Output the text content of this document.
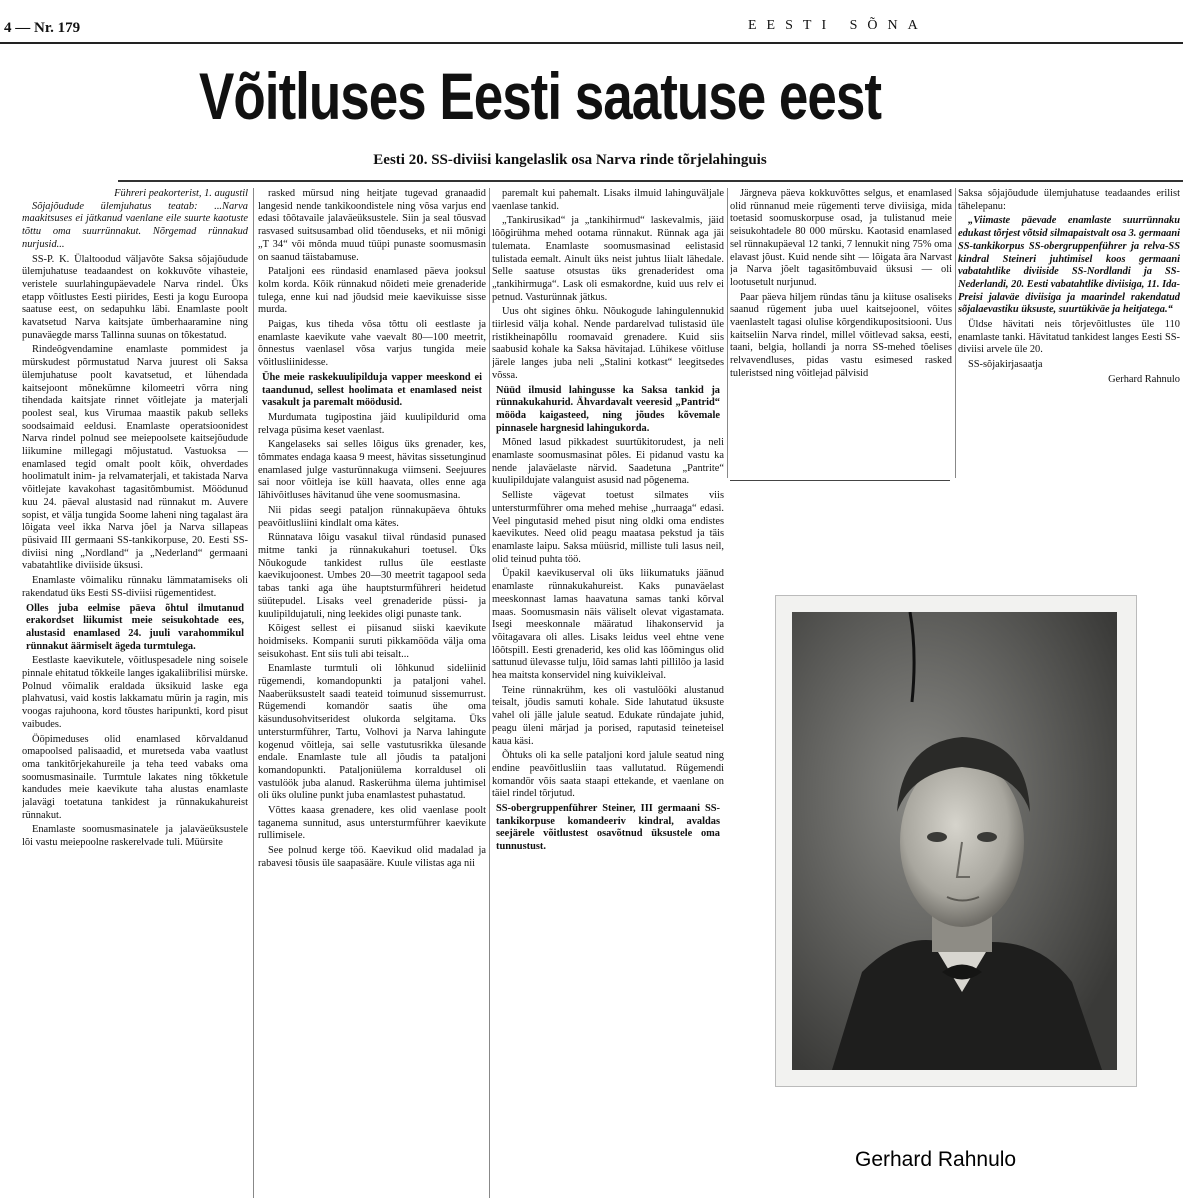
4 — Nr. 179	EESTI SÕNA
Võitluses Eesti saatuse eest
Eesti 20. SS-diviisi kangelaslik osa Narva rinde tõrjelahinguis
Führeri peakorterist, 1. augustil

Sõjajõudude ülemjuhatus teatab: ...Narva maakitsuses ei jätkanud vaenlane eile suurte kaotuste tõttu oma suurrünnakut. Nõrgemad rünnakud nurjusid...

SS-P. K. Ülaltoodud väljavõte Saksa sõjajõudude ülemjuhatuse teadaandest on kokkuvõte vihasteie, veristele suurlahingupäevadele Narva rindel. Üks etapp võitlustes Eesti piirides, Eesti ja kogu Euroopa saatuse eest, on sedapuhku läbi. Enamlaste poolt kavatsetud Narva kaitsjate ümberhaaramine ning punaväegde marss Tallinna suunas on tõkestatud.

Rindeõgvendamine enamlaste pommidest ja mürskudest põrmustatud Narva juurest oli Saksa ülemjuhatuse poolt kavatsetud, et lühendada kaitsejoont mõnekümne kilomeetri võrra ning tihendada kaitsjate rinnet võitlejate ja materjali poolest seal, kus Virumaa maastik pakub selleks soodsaimaid eeldusi. Enamlaste operatsioonidest Narva rindel polnud see meiepoolsete kaitsejõudude liikumine millegagi mõjustatud. Vastuoksa — enamlased tegid omalt poolt kõik, ohverdades hoolimatult inim- ja relvamaterjali, et takistada Narva võitlejate kavakohast tagasitõmbumist. Möödunud kuu 24. päeval alustasid nad rünnakut m. Auvere sopist, et välja tungida Soome laheni ning tagalast ära lõigata veel ikka Narva jõel ja Narva sillapeas püsivaid III germaani SS-tankikorpuse, 20. Eesti SS-diviisi ning „Nordland“ ja „Nederland“ germaani vabatahtlike diviiside üksusi.

Enamlaste võimaliku rünnaku lämmatamiseks oli rakendatud üks Eesti SS-diviisi rügementidest.

Olles juba eelmise päeva õhtul ilmutanud erakordset liikumist meie seisukohtade ees, alustasid enamlased 24. juuli varahommikul rünnakut äärmiselt ägeda turmtulega.

Eestlaste kaevikutele, võitluspesadele ning soisele pinnale ehitatud tõkkeile langes igakaliibrilisi mürske. Polnud võimalik eraldada üksikuid laske ega plahvatusi, vaid kostis lakkamatu mürin ja ragin, mis voogas rajuhoona, kord tõustes haripunkti, kord pisut vaibudes.

Ööpimeduses olid enamlased kõrvaldanud omapoolsed palisaadid, et muretseda vaba vaatlust oma tankitõrjekahureile ja teha teed vabaks oma soomusmasinaile. Turmtule lakates ning tõkketule kandudes meie kaevikute taha alustas enamlaste jalavägi toetatuna tankidest ja rünnakukahureist rünnakut.

Enamlaste soomusmasinatele ja jalaväeüksustele lõi vastu meiepoolne raskerelvade tuli. Müürsite

rasked mürsud ning heitjate tugevad granaadid langesid nende tankikoondistele ning võsa varjus end edasi tõõtavaile jalaväeüksustele. Siin ja seal tõusvad rasvased suitsusambad olid tõenduseks, et nii mõnigi „T 34“ või mõnda muud tüüpi punaste soomusmasin on saanud täistabamuse.

Pataljoni ees ründasid enamlased päeva jooksul kolm korda. Kõik rünnakud nõideti meie grenaderide tulega, enne kui nad jõudsid meie kaevikuisse sisse murda.

Paigas, kus tiheda võsa tõttu oli eestlaste ja enamlaste kaevikute vahe vaevalt 80—100 meetrit, õnnestus vaenlasel võsa varjus tungida meie võitlusliinidesse.

Ühe meie raskekuulipilduja vapper meeskond ei taandunud, sellest hoolimata et enamlased neist vasakult ja paremalt möödusid.

Murdumata tugipostina jäid kuulipildurid oma relvaga püsima keset vaenlast.

Kangelaseks sai selles lõigus üks grenader, kes, tõmmates endaga kaasa 9 meest, hävitas sissetunginud enamlased julge vasturünnakuga viimseni. Seejuures sai noor võitleja ise küll haavata, olles enne aga lähivõitluses hävitanud ühe vene soomusmasina.

Nii pidas seegi pataljon rünnakupäeva õhtuks peavõitlusliini kindlalt oma kätes.

Rünnatava lõigu vasakul tiival ründasid punased mitme tanki ja rünnakukahuri toetusel. Üks Nõukogude tankidest rullus üle eestlaste kaevikujoonest. Umbes 20—30 meetrit tagapool seda tabas tanki aga ühe hauptsturmführeri heidetud süütepudel. Lisaks veel grenaderide püssi- ja kuulipildujatuli, ning leekides oligi punaste tank.

Kõigest sellest ei piisanud siiski kaevikute hoidmiseks. Kompanii suruti pikkamööda välja oma seisukohast. Ent siis tuli abi teisalt...

Enamlaste turmtuli oli lõhkunud sideliinid rügemendi, komandopunkti ja pataljoni vahel. Naaberüksustelt saadi teateid toimunud sissemurrust. Rügemendi komandör saatis ühe oma käsundusohvitseridest olukorda selgitama. Üks untersturmführer, Tartu, Volhovi ja Narva lahingute kogenud võitleja, sai selle vastutusrikka ülesande endale. Enamlaste tule all jõudis ta pataljoni komandopunkti. Pataljoniülema korraldusel oli vastulöök juba alanud. Raskerühma ülema juhtimisel oli üks oluline punkt juba enamlastest puhastatud.

Võttes kaasa grenadere, kes olid vaenlase poolt taganema sunnitud, asus untersturmführer kaevikute rullimisele.

See polnud kerge töö. Kaevikud olid madalad ja rabavesi tõusis üle saapasääre. Kuule vilistas aga nii

paremalt kui pahemalt. Lisaks ilmuid lahinguväljale vaenlase tankid.

„Tankirusikad“ ja „tankihirmud“ laskevalmis, jäid lõõgirühma mehed ootama rünnakut. Rünnak aga jäi tulemata. Enamlaste soomusmasinad eelistasid tulistada eemalt. Ainult üks neist juhtus liialt lähedale. Selle saatuse otsustas üks grenaderidest oma „tankihirmuga“. Lask oli esmakordne, kuid uus relv ei petnud. Vasturünnak jätkus.

Uus oht sigines õhku. Nõukogude lahingulennukid tiirlesid välja kohal. Nende pardarelvad tulistasid üle ristikheinapõllu roomavaid grenadere. Kuid siis saabusid kohale ka Saksa hävitajad. Lühikese võitluse järele langes juba neli „Stalini kotkast“ leegitsedes võssa.

Nüüd ilmusid lahingusse ka Saksa tankid ja rünnakukahurid. Ähvardavalt veeresid „Pantrid“ mööda kaigasteed, ning jõudes kõvemale pinnasele hargnesid lahingukorda.

Mõned lasud pikkadest suurtükitorudest, ja neli enamlaste soomusmasinat põles. Ei pidanud vastu ka nende jalaväelaste närvid. Saadetuna „Pantrite“ kuulipildujate valanguist asusid nad põgenema.

Selliste vägevat toetust silmates viis untersturmführer oma mehed mehise „hurraaga“ edasi. Veel pingutasid mehed pisut ning oldki oma endistes kaevikutes. Need olid peagu maatasa pekstud ja täis enamlaste laipu. Saksa müüsrid, milliste tuli lasus neil, olid teinud puhta töö.

Üpakil kaevikuserval oli üks liikumatuks jäänud enamlaste rünnakukahureist. Kaks punaväelast meeskonnast lamas haavatuna samas tanki kõrval maas. Soomusmasin näis väliselt olevat vigastamata. Isegi meeskonnale määratud lihakonservid ja võitagavara oli alles. Lisaks leidus veel ehtne vene lõõtspill. Eesti grenaderid, kes olid kas lõõmingus olid sattunud ülevasse tulju, lõid samas lahti pillilõo ja lasid hea maitsta konservidel ning kuivikleival.

Teine rünnakrühm, kes oli vastulööki alustanud teisalt, jõudis samuti kohale. Side lahutatud üksuste vahel oli jälle jalule seatud. Edukate ründajate juhid, peagu üleni märjad ja porised, raputasid teineteisel kaua käsi.

Õhtuks oli ka selle pataljoni kord jalule seatud ning endine peavõitlusliin taas vallutatud. Rügemendi komandör võis saata staapi ettekande, et vaenlane on täiel rindel tõrjutud.

SS-obergruppenführer Steiner, III germaani SS-tankikorpuse komandeeriv kindral, avaldas seejärele võitlustest osavõtnud üksustele oma tunnustust.

Järgneva päeva kokkuvõttes selgus, et enamlased olid rünnanud meie rügementi terve diviisiga, mida toetasid soomuskorpuse osad, ja tulistanud meie seisukohtadele 80 000 mürsku. Kaotasid enamlased sel rünnakupäeval 12 tanki, 7 lennukit ning 75% oma elavast jõust. Kuid nende siht — lõigata ära Narvast ja Narva jõelt tagasitõmbuvaid üksusi — oli lootusetult nurjunud.

Paar päeva hiljem ründas tänu ja kiituse osaliseks saanud rügement juba uuel kaitsejoonel, võites vaenlastelt tagasi olulise kõrgendikupositsiooni. Uus kaitseliin Narva rindel, millel võitlevad saksa, eesti, taani, belgia, hollandi ja norra SS-mehed tõelises relvavendluses, pidas vastu esimesed rasked tuleristsed ning võitlejad pälvisid

Saksa sõjajõudude ülemjuhatuse teadaandes erilist tähelepanu:

„Viimaste päevade enamlaste suurrünnaku edukast tõrjest võtsid silmapaistvalt osa 3. germaani SS-tankikorpus SS-obergruppenführer ja relva-SS kindral Steineri juhtimisel koos germaani vabatahtlike diviiside SS-Nordlandi ja SS-Nederlandi, 20. Eesti vabatahtlike diviisiga, 11. Ida-Preisi jalaväe diviisiga ja maarindel rakendatud sõjalaevastiku üksuste, suurtükiväe ja heitjatega.“

Üldse hävitati neis tõrjevõitlustes üle 110 enamlaste tanki. Hävitatud tankidest langes Eesti SS-diviisi arvele üle 20.

SS-sõjakirjasaatja

Gerhard Rahnulo

Gerhard Rahnulo
